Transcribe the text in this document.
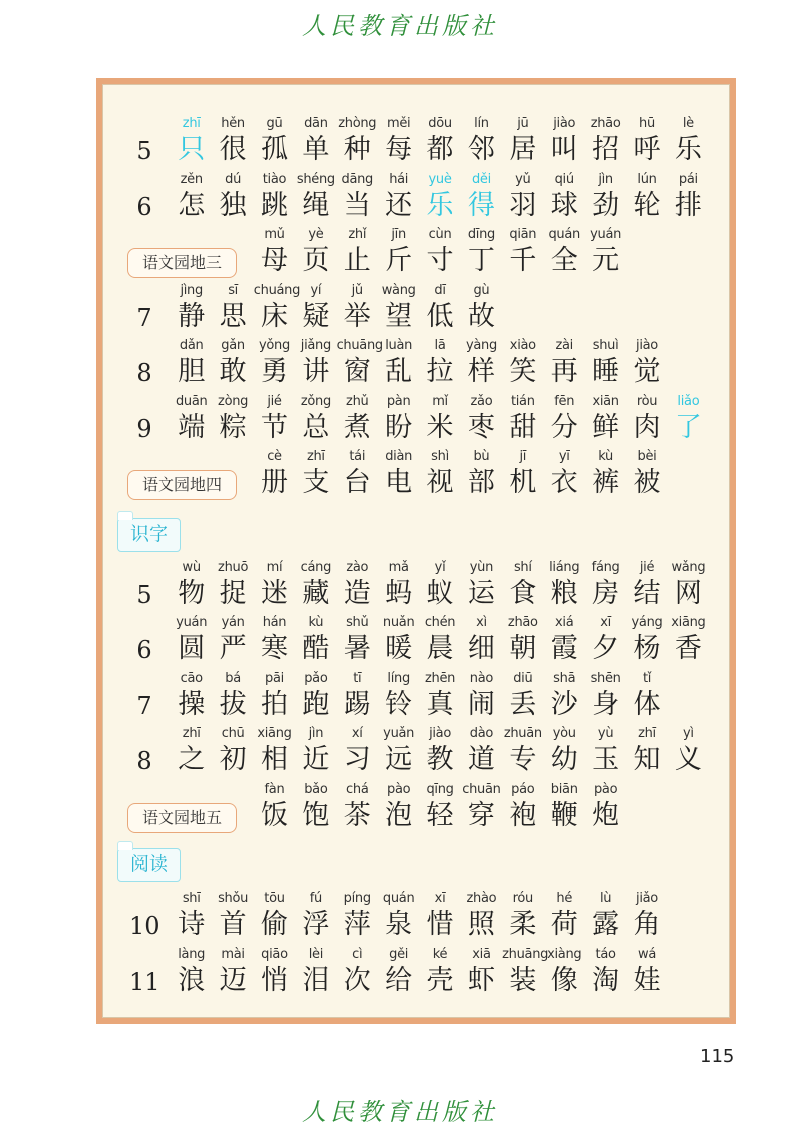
人民教育出版社
识字
阅读
5
zhī
只
hěn
很
gū
孤
dān
单
zhòng
种
měi
每
dōu
都
lín
邻
jū
居
jiào
叫
zhāo
招
hū
呼
lè
乐
6
zěn
怎
dú
独
tiào
跳
shéng
绳
dāng
当
hái
还
yuè
乐
děi
得
yǔ
羽
qiú
球
jìn
劲
lún
轮
pái
排
语文园地三
mǔ
母
yè
页
zhǐ
止
jīn
斤
cùn
寸
dīng
丁
qiān
千
quán
全
yuán
元
7
jìng
静
sī
思
chuáng
床
yí
疑
jǔ
举
wàng
望
dī
低
gù
故
8
dǎn
胆
gǎn
敢
yǒng
勇
jiǎng
讲
chuāng
窗
luàn
乱
lā
拉
yàng
样
xiào
笑
zài
再
shuì
睡
jiào
觉
9
duān
端
zòng
粽
jié
节
zǒng
总
zhǔ
煮
pàn
盼
mǐ
米
zǎo
枣
tián
甜
fēn
分
xiān
鲜
ròu
肉
liǎo
了
语文园地四
cè
册
zhī
支
tái
台
diàn
电
shì
视
bù
部
jī
机
yī
衣
kù
裤
bèi
被
5
wù
物
zhuō
捉
mí
迷
cáng
藏
zào
造
mǎ
蚂
yǐ
蚁
yùn
运
shí
食
liáng
粮
fáng
房
jié
结
wǎng
网
6
yuán
圆
yán
严
hán
寒
kù
酷
shǔ
暑
nuǎn
暖
chén
晨
xì
细
zhāo
朝
xiá
霞
xī
夕
yáng
杨
xiāng
香
7
cāo
操
bá
拔
pāi
拍
pǎo
跑
tī
踢
líng
铃
zhēn
真
nào
闹
diū
丢
shā
沙
shēn
身
tǐ
体
8
zhī
之
chū
初
xiāng
相
jìn
近
xí
习
yuǎn
远
jiào
教
dào
道
zhuān
专
yòu
幼
yù
玉
zhī
知
yì
义
语文园地五
fàn
饭
bǎo
饱
chá
茶
pào
泡
qīng
轻
chuān
穿
páo
袍
biān
鞭
pào
炮
10
shī
诗
shǒu
首
tōu
偷
fú
浮
píng
萍
quán
泉
xī
惜
zhào
照
róu
柔
hé
荷
lù
露
jiǎo
角
11
làng
浪
mài
迈
qiāo
悄
lèi
泪
cì
次
gěi
给
ké
壳
xiā
虾
zhuāng
装
xiàng
像
táo
淘
wá
娃
115
人民教育出版社
